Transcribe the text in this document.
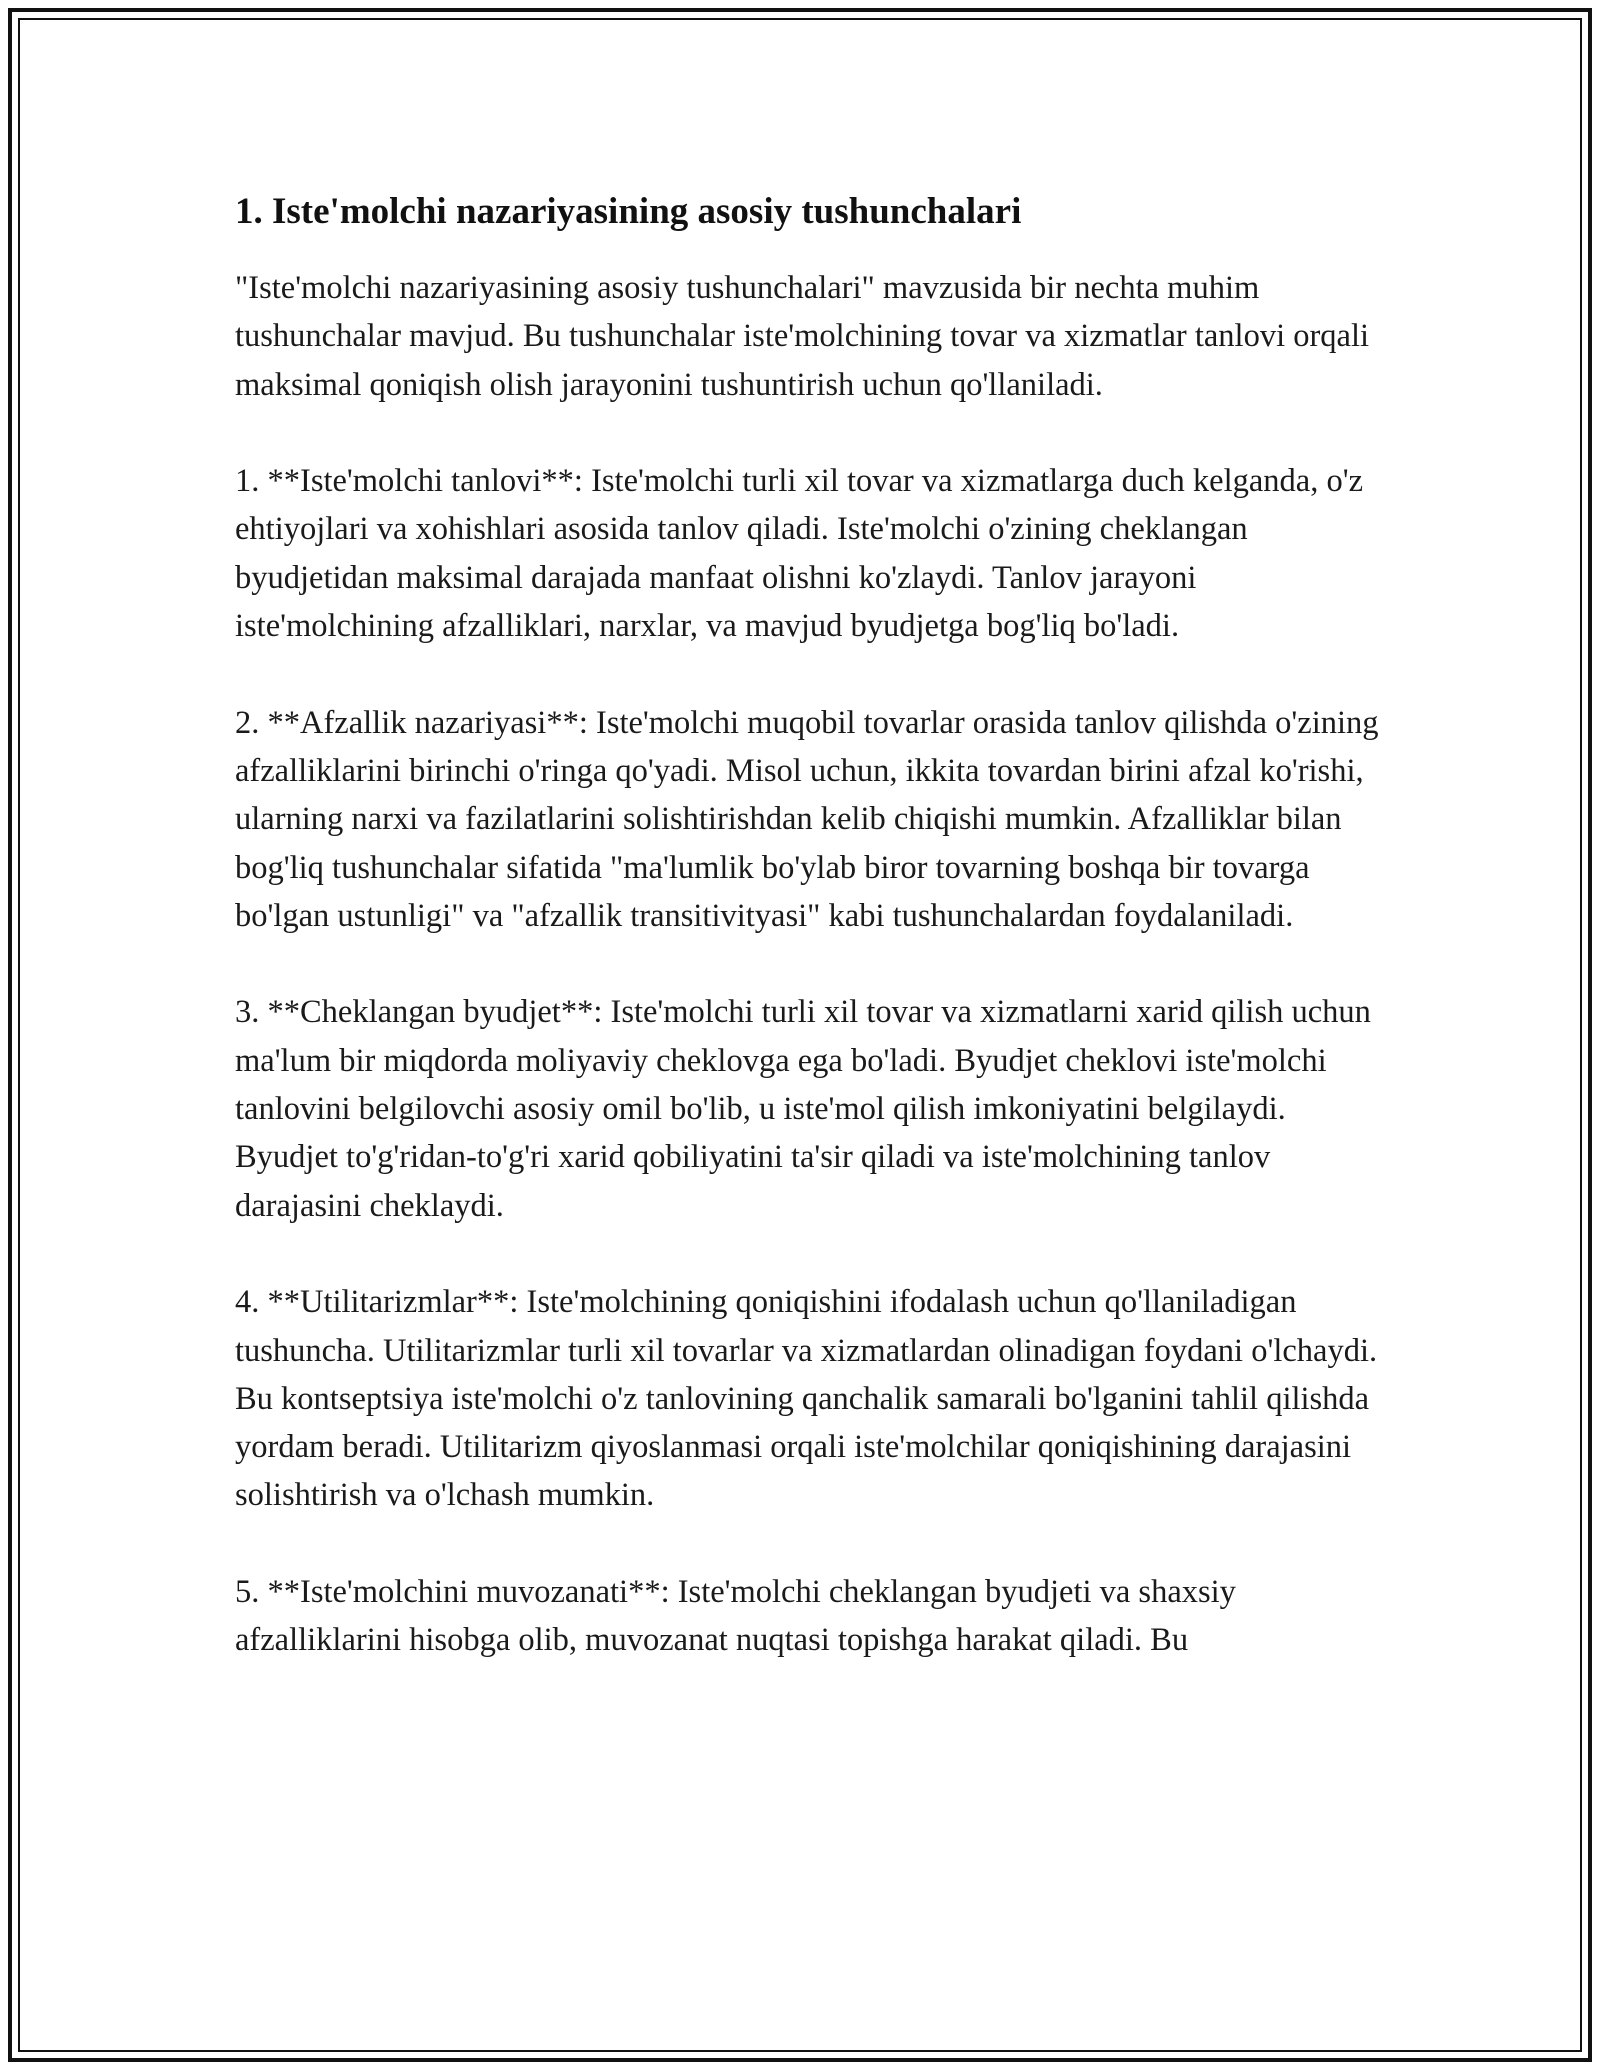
1. Iste'molchi nazariyasining asosiy tushunchalari

"Iste'molchi nazariyasining asosiy tushunchalari" mavzusida bir nechta muhim tushunchalar mavjud. Bu tushunchalar iste'molchining tovar va xizmatlar tanlovi orqali maksimal qoniqish olish jarayonini tushuntirish uchun qo'llaniladi.

1. **Iste'molchi tanlovi**: Iste'molchi turli xil tovar va xizmatlarga duch kelganda, o'z ehtiyojlari va xohishlari asosida tanlov qiladi. Iste'molchi o'zining cheklangan byudjetidan maksimal darajada manfaat olishni ko'zlaydi. Tanlov jarayoni iste'molchining afzalliklari, narxlar, va mavjud byudjetga bog'liq bo'ladi.

2. **Afzallik nazariyasi**: Iste'molchi muqobil tovarlar orasida tanlov qilishda o'zining afzalliklarini birinchi o'ringa qo'yadi. Misol uchun, ikkita tovardan birini afzal ko'rishi, ularning narxi va fazilatlarini solishtirishdan kelib chiqishi mumkin. Afzalliklar bilan bog'liq tushunchalar sifatida "ma'lumlik bo'ylab biror tovarning boshqa bir tovarga bo'lgan ustunligi" va "afzallik transitivityasi" kabi tushunchalardan foydalaniladi.

3. **Cheklangan byudjet**: Iste'molchi turli xil tovar va xizmatlarni xarid qilish uchun ma'lum bir miqdorda moliyaviy cheklovga ega bo'ladi. Byudjet cheklovi iste'molchi tanlovini belgilovchi asosiy omil bo'lib, u iste'mol qilish imkoniyatini belgilaydi. Byudjet to'g'ridan-to'g'ri xarid qobiliyatini ta'sir qiladi va iste'molchining tanlov darajasini cheklaydi.

4. **Utilitarizmlar**: Iste'molchining qoniqishini ifodalash uchun qo'llaniladigan tushuncha. Utilitarizmlar turli xil tovarlar va xizmatlardan olinadigan foydani o'lchaydi. Bu kontseptsiya iste'molchi o'z tanlovining qanchalik samarali bo'lganini tahlil qilishda yordam beradi. Utilitarizm qiyoslanmasi orqali iste'molchilar qoniqishining darajasini solishtirish va o'lchash mumkin.

5. **Iste'molchini muvozanati**: Iste'molchi cheklangan byudjeti va shaxsiy afzalliklarini hisobga olib, muvozanat nuqtasi topishga harakat qiladi. Bu
